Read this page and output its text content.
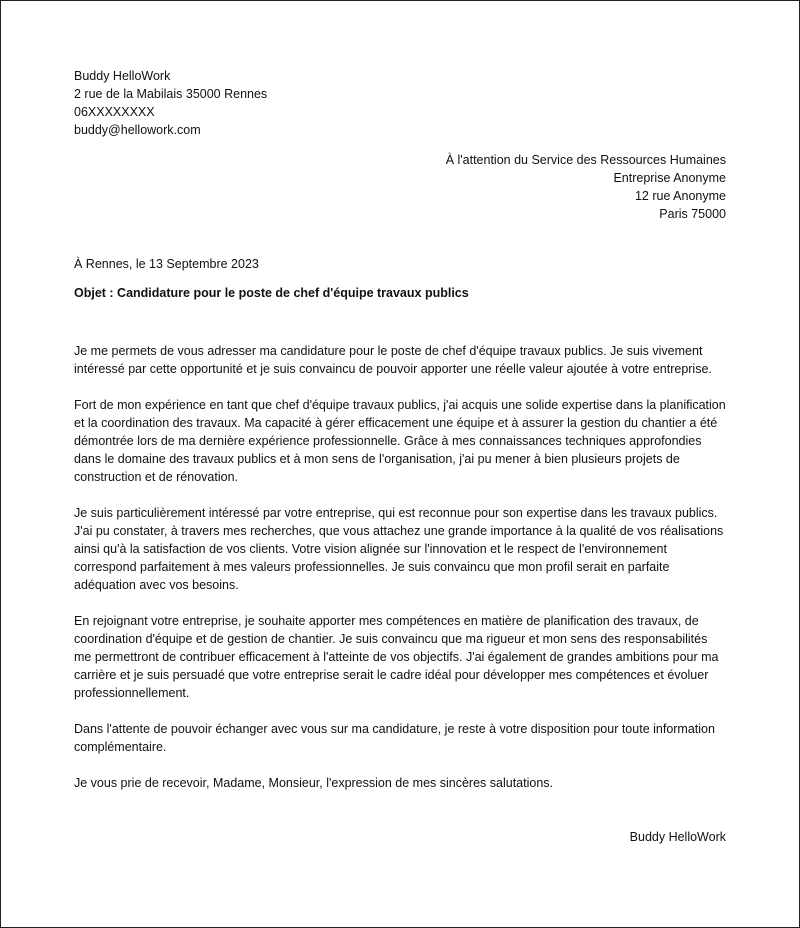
Buddy HelloWork
2 rue de la Mabilais 35000 Rennes
06XXXXXXXX
buddy@hellowork.com
À l'attention du Service des Ressources Humaines
Entreprise Anonyme
12 rue Anonyme
Paris 75000
À Rennes, le 13 Septembre 2023
Objet : Candidature pour le poste de chef d'équipe travaux publics

Je me permets de vous adresser ma candidature pour le poste de chef d'équipe travaux publics. Je suis vivement intéressé par cette opportunité et je suis convaincu de pouvoir apporter une réelle valeur ajoutée à votre entreprise.

Fort de mon expérience en tant que chef d'équipe travaux publics, j'ai acquis une solide expertise dans la planification et la coordination des travaux. Ma capacité à gérer efficacement une équipe et à assurer la gestion du chantier a été démontrée lors de ma dernière expérience professionnelle. Grâce à mes connaissances techniques approfondies dans le domaine des travaux publics et à mon sens de l'organisation, j'ai pu mener à bien plusieurs projets de construction et de rénovation.

Je suis particulièrement intéressé par votre entreprise, qui est reconnue pour son expertise dans les travaux publics. J'ai pu constater, à travers mes recherches, que vous attachez une grande importance à la qualité de vos réalisations ainsi qu'à la satisfaction de vos clients. Votre vision alignée sur l'innovation et le respect de l'environnement correspond parfaitement à mes valeurs professionnelles. Je suis convaincu que mon profil serait en parfaite adéquation avec vos besoins.

En rejoignant votre entreprise, je souhaite apporter mes compétences en matière de planification des travaux, de coordination d'équipe et de gestion de chantier. Je suis convaincu que ma rigueur et mon sens des responsabilités me permettront de contribuer efficacement à l'atteinte de vos objectifs. J'ai également de grandes ambitions pour ma carrière et je suis persuadé que votre entreprise serait le cadre idéal pour développer mes compétences et évoluer professionnellement.

Dans l'attente de pouvoir échanger avec vous sur ma candidature, je reste à votre disposition pour toute information complémentaire.

Je vous prie de recevoir, Madame, Monsieur, l'expression de mes sincères salutations.

Buddy HelloWork
